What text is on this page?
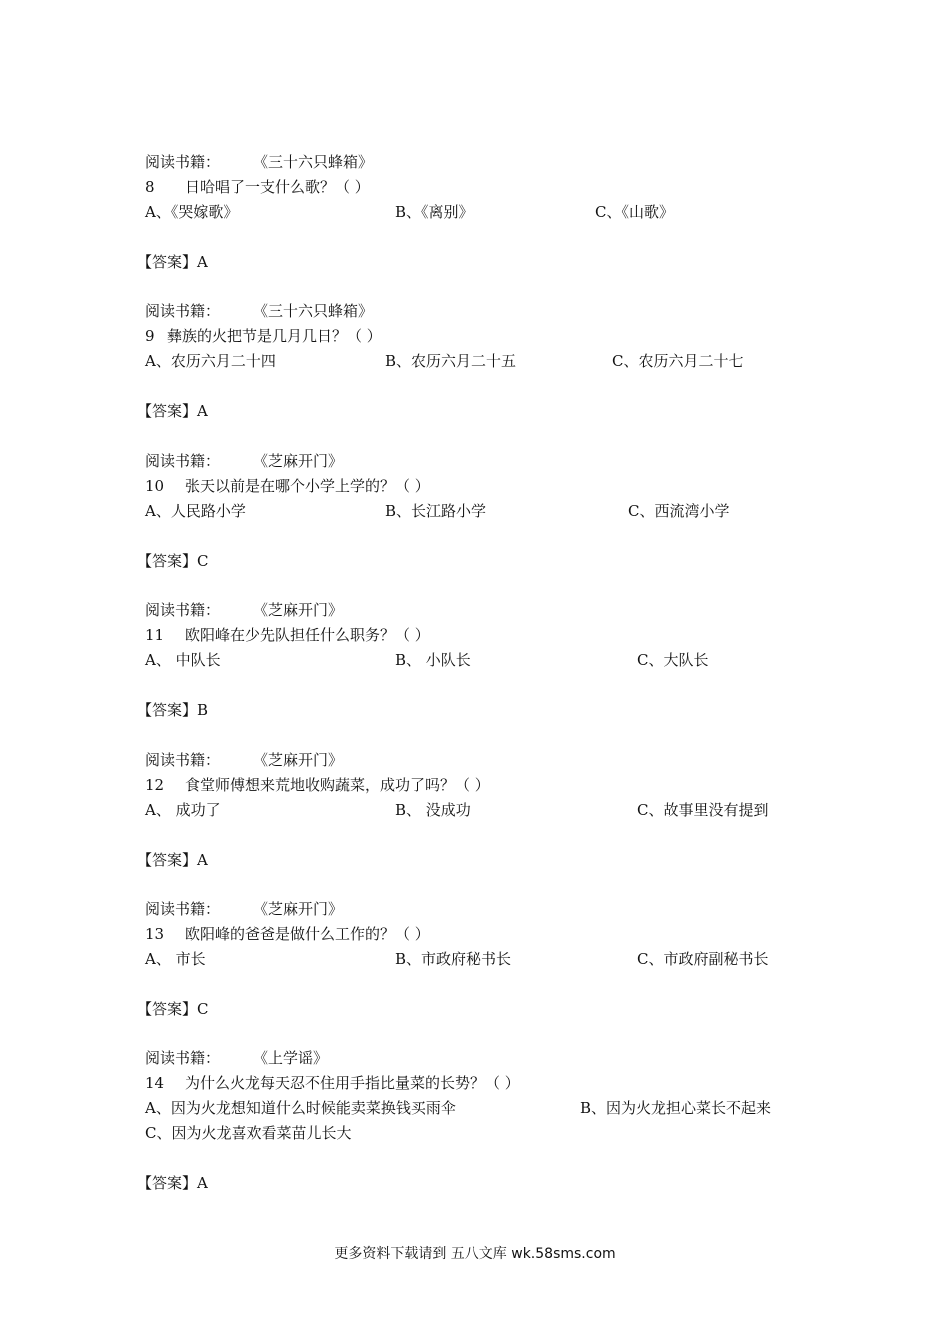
阅读书籍： 《三十六只蜂箱》
8 日哈唱了一支什么歌？（ ）
A、《哭嫁歌》	B、《离别》	C、《山歌》
【答案】A
阅读书籍： 《三十六只蜂箱》
9 彝族的火把节是几月几日？（ ）
A、农历六月二十四	B、农历六月二十五	C、农历六月二十七
【答案】A
阅读书籍： 《芝麻开门》
10 张天以前是在哪个小学上学的？（ ）
A、人民路小学	B、长江路小学	C、西流湾小学
【答案】C
阅读书籍： 《芝麻开门》
11 欧阳峰在少先队担任什么职务？（ ）
A、 中队长	B、 小队长	C、大队长
【答案】B
阅读书籍： 《芝麻开门》
12 食堂师傅想来荒地收购蔬菜，成功了吗？（ ）
A、 成功了	B、 没成功	C、故事里没有提到
【答案】A
阅读书籍： 《芝麻开门》
13 欧阳峰的爸爸是做什么工作的？（ ）
A、 市长	B、市政府秘书长	C、市政府副秘书长
【答案】C
阅读书籍： 《上学谣》
14 为什么火龙每天忍不住用手指比量菜的长势？（ ）
A、因为火龙想知道什么时候能卖菜换钱买雨伞	B、因为火龙担心菜长不起来
C、因为火龙喜欢看菜苗儿长大
【答案】A
更多资料下载请到 五八文库 wk.58sms.com
